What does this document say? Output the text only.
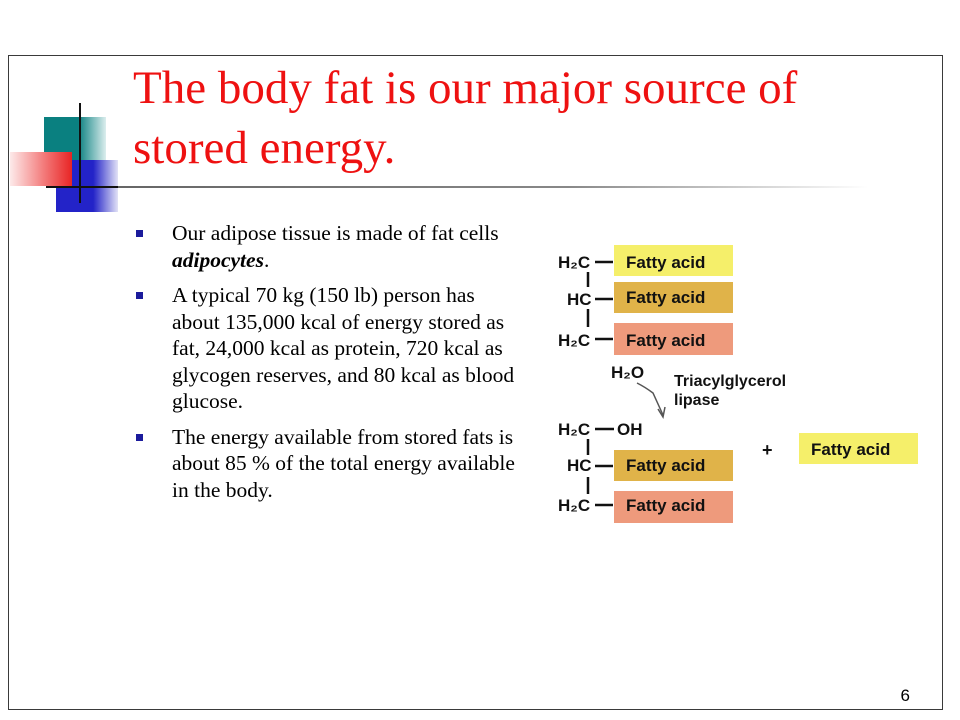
The body fat is our major source of stored energy.
Our adipose tissue is made of fat cells adipocytes.
A typical 70 kg (150 lb) person has about 135,000 kcal of energy stored as fat, 24,000 kcal as protein, 720 kcal as glycogen reserves, and 80 kcal as blood glucose.
The energy available from stored fats is about 85 % of the total energy available in the body.
Fatty acid
Fatty acid
Fatty acid
H₂C
HC
H₂C
H₂O Triacylglycerol
lipase
H₂C OH
HC Fatty acid
H₂C Fatty acid
+ Fatty acid
6
